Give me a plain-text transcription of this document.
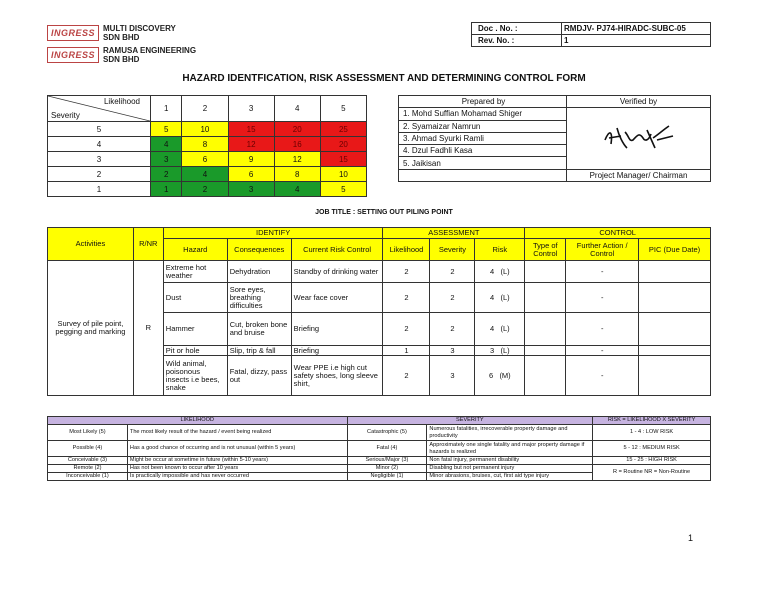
INGRESS	MULTI DISCOVERY
SDN BHD
INGRESS	RAMUSA ENGINEERING
SDN BHD
Doc . No. :	RMDJV- PJ74-HIRADC-SUBC-05
Rev. No. :	1
HAZARD IDENTFICATION, RISK ASSESSMENT AND DETERMINING CONTROL FORM
Likelihood
Severity	1	2	3	4	5
5	5	10	15	20	25
4	4	8	12	16	20
3	3	6	9	12	15
2	2	4	6	8	10
1	1	2	3	4	5
Prepared by	Verified by
1. Mohd Suffian Mohamad Shiger	
2. Syamaizar Namrun	
3. Ahmad Syurki Ramli	
4. Dzul Fadhli Kasa	
5. Jaikisan	
	Project Manager/ Chairman
JOB TITLE : SETTING OUT PILING POINT
Activities	R/NR	IDENTIFY			ASSESSMENT			CONTROL		
		Hazard	Consequences	Current Risk Control	Likelihood	Severity	Risk	Type of Control	Further Action / Control	PIC (Due Date)
Survey of pile point, pegging and marking	R	Extreme hot weather	Dehydration	Standby of drinking water	2	2	4 (L)		-	
		Dust	Sore eyes, breathing difficulties	Wear face cover	2	2	4 (L)		-	
		Hammer	Cut, broken bone and bruise	Briefing	2	2	4 (L)		-	
		Pit or hole	Slip, trip & fall	Briefing	1	3	3 (L)		-	
		Wild animal, poisonous insects i.e bees, snake	Fatal, dizzy, pass out	Wear PPE i.e high cut safety shoes, long sleeve shirt,	2	3	6 (M)		-	
LIKELIHOOD		SEVERITY		RISK = LIKELIHOOD X SEVERITY
Most Likely (5)	The most likely result of the hazard / event being realized	Catastrophic (5)	Numerous fatalities, irrecoverable property damage and productivity	1 - 4 : LOW RISK
Possible (4)	Has a good chance of occurring and is not unusual (within 5 years)	Fatal (4)	Approximately one single fatality and major property damage if hazards is realized	5 - 12 : MEDIUM RISK
Conceivable (3)	Might be occur at sometime in future (within 5-10 years)	Serious/Major (3)	Non fatal injury, permanent disability	15 - 25 : HIGH RISK
Remote (2)	Has not been known to occur after 10 years	Minor (2)	Disabling but not permanent injury	R = Routine NR = Non-Routine
Inconceivable (1)	Is practically impossible and has never occurred	Negligible (1)	Minor abrasions, bruises, cut, first aid type injury	
1
